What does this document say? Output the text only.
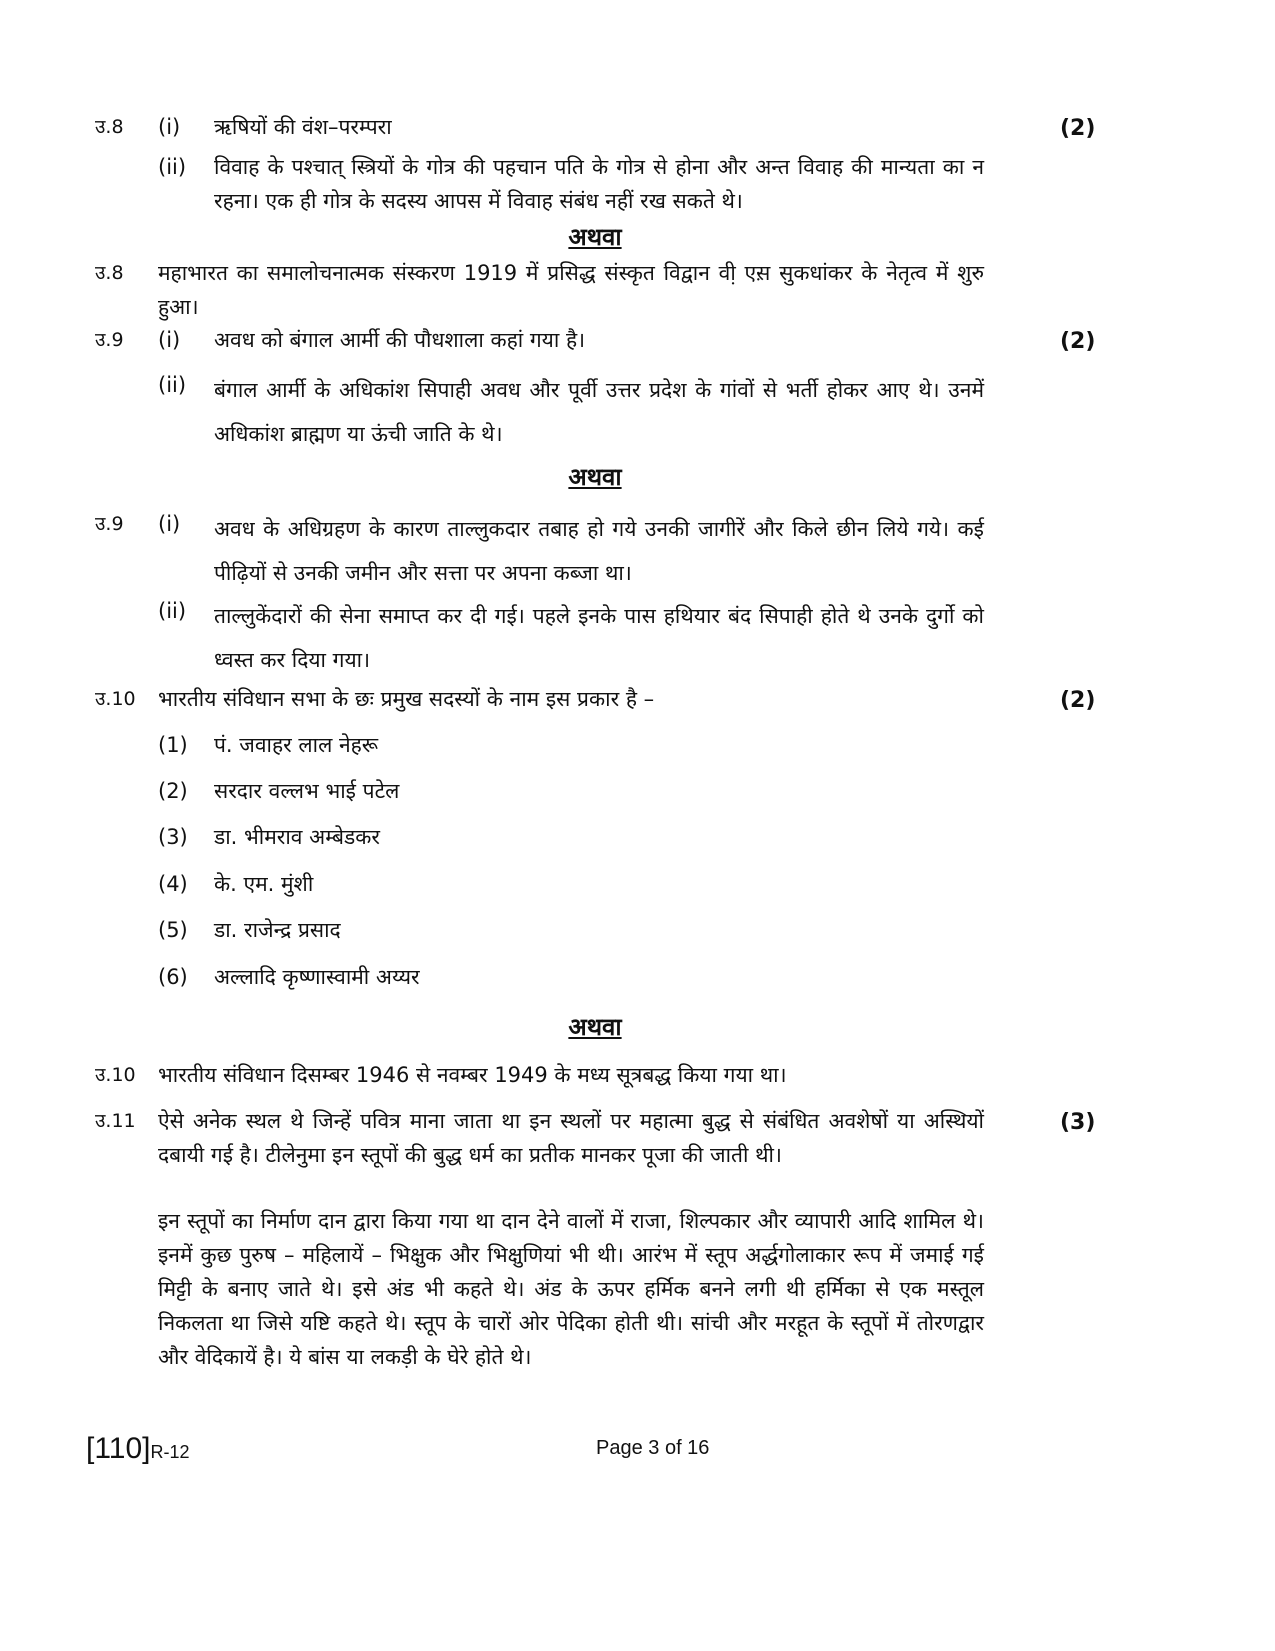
उ.8 (i) ऋषियों की वंश–परम्परा	(2)
(ii) विवाह के पश्चात् स्त्रियों के गोत्र की पहचान पति के गोत्र से होना और अन्त विवाह की मान्यता का न रहना। एक ही गोत्र के सदस्य आपस में विवाह संबंध नहीं रख सकते थे।
अथवा
उ.8 महाभारत का समालोचनात्मक संस्करण 1919 में प्रसिद्ध संस्कृत विद्वान वी़ एस़ सुकधांकर के नेतृत्व में शुरु हुआ।
उ.9 (i) अवध को बंगाल आर्मी की पौधशाला कहां गया है।	(2)
(ii) बंगाल आर्मी के अधिकांश सिपाही अवध और पूर्वी उत्तर प्रदेश के गांवों से भर्ती होकर आए थे। उनमें अधिकांश ब्राह्मण या ऊंची जाति के थे।
अथवा
उ.9 (i) अवध के अधिग्रहण के कारण ताल्लुकदार तबाह हो गये उनकी जागीरें और किले छीन लिये गये। कई पीढ़ियों से उनकी जमीन और सत्ता पर अपना कब्जा था।
(ii) ताल्लुकेंदारों की सेना समाप्त कर दी गई। पहले इनके पास हथियार बंद सिपाही होते थे उनके दुर्गो को ध्वस्त कर दिया गया।
उ.10 भारतीय संविधान सभा के छः प्रमुख सदस्यों के नाम इस प्रकार है –	(2)
(1) पं. जवाहर लाल नेहरू
(2) सरदार वल्लभ भाई पटेल
(3) डा. भीमराव अम्बेडकर
(4) के. एम. मुंशी
(5) डा. राजेन्द्र प्रसाद
(6) अल्लादि कृष्णास्वामी अय्यर
अथवा
उ.10 भारतीय संविधान दिसम्बर 1946 से नवम्बर 1949 के मध्य सूत्रबद्ध किया गया था।
उ.11 ऐसे अनेक स्थल थे जिन्हें पवित्र माना जाता था इन स्थलों पर महात्मा बुद्ध से संबंधित अवशेषों या अस्थियों दबायी गई है। टीलेनुमा इन स्तूपों की बुद्ध धर्म का प्रतीक मानकर पूजा की जाती थी।
(3)
इन स्तूपों का निर्माण दान द्वारा किया गया था दान देने वालों में राजा, शिल्पकार और व्यापारी आदि शामिल थे। इनमें कुछ पुरुष – महिलायें – भिक्षुक और भिक्षुणियां भी थी। आरंभ में स्तूप अर्द्धगोलाकार रूप में जमाई गई मिट्टी के बनाए जाते थे। इसे अंड भी कहते थे। अंड के ऊपर हर्मिक बनने लगी थी हर्मिका से एक मस्तूल निकलता था जिसे यष्टि कहते थे। स्तूप के चारों ओर पेदिका होती थी। सांची और मरहूत के स्तूपों में तोरणद्वार और वेदिकायें है। ये बांस या लकड़ी के घेरे होते थे।
[110]R-12	Page 3 of 16
